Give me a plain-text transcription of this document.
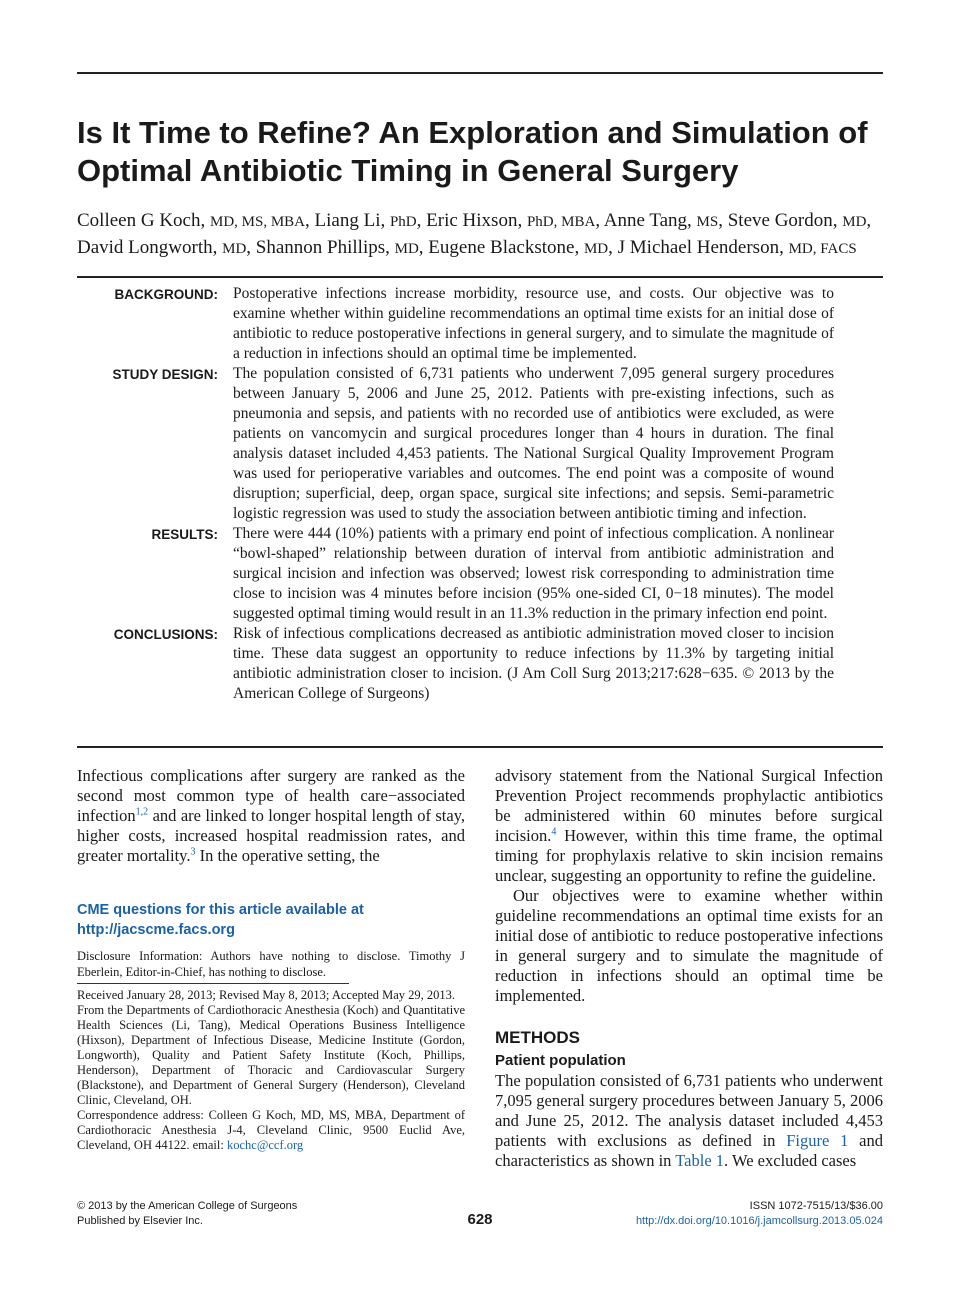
Is It Time to Refine? An Exploration and Simulation of Optimal Antibiotic Timing in General Surgery
Colleen G Koch, MD, MS, MBA, Liang Li, PhD, Eric Hixson, PhD, MBA, Anne Tang, MS, Steve Gordon, MD,
David Longworth, MD, Shannon Phillips, MD, Eugene Blackstone, MD, J Michael Henderson, MD, FACS
BACKGROUND: Postoperative infections increase morbidity, resource use, and costs. Our objective was to examine whether within guideline recommendations an optimal time exists for an initial dose of antibiotic to reduce postoperative infections in general surgery, and to simulate the magnitude of a reduction in infections should an optimal time be implemented.
STUDY DESIGN: The population consisted of 6,731 patients who underwent 7,095 general surgery procedures between January 5, 2006 and June 25, 2012. Patients with pre-existing infections, such as pneumonia and sepsis, and patients with no recorded use of antibiotics were excluded, as were patients on vancomycin and surgical procedures longer than 4 hours in duration. The final analysis dataset included 4,453 patients. The National Surgical Quality Improvement Program was used for perioperative variables and outcomes. The end point was a composite of wound disruption; superficial, deep, organ space, surgical site infections; and sepsis. Semi-parametric logistic regression was used to study the association between antibiotic timing and infection.
RESULTS: There were 444 (10%) patients with a primary end point of infectious complication. A nonlinear “bowl-shaped” relationship between duration of interval from antibiotic administration and surgical incision and infection was observed; lowest risk corresponding to administration time close to incision was 4 minutes before incision (95% one-sided CI, 0−18 minutes). The model suggested optimal timing would result in an 11.3% reduction in the primary infection end point.
CONCLUSIONS: Risk of infectious complications decreased as antibiotic administration moved closer to incision time. These data suggest an opportunity to reduce infections by 11.3% by targeting initial antibiotic administration closer to incision. (J Am Coll Surg 2013;217:628−635. © 2013 by the American College of Surgeons)

Infectious complications after surgery are ranked as the second most common type of health care−associated infection$^{1,2}$ and are linked to longer hospital length of stay, higher costs, increased hospital readmission rates, and greater mortality.$^3$ In the operative setting, the

CME questions for this article available at
http://jacscme.facs.org
Disclosure Information: Authors have nothing to disclose. Timothy J Eberlein, Editor-in-Chief, has nothing to disclose.

Received January 28, 2013; Revised May 8, 2013; Accepted May 29, 2013.

From the Departments of Cardiothoracic Anesthesia (Koch) and Quantitative Health Sciences (Li, Tang), Medical Operations Business Intelligence (Hixson), Department of Infectious Disease, Medicine Institute (Gordon, Longworth), Quality and Patient Safety Institute (Koch, Phillips, Henderson), Department of Thoracic and Cardiovascular Surgery (Blackstone), and Department of General Surgery (Henderson), Cleveland Clinic, Cleveland, OH.

Correspondence address: Colleen G Koch, MD, MS, MBA, Department of Cardiothoracic Anesthesia J-4, Cleveland Clinic, 9500 Euclid Ave, Cleveland, OH 44122. email: kochc@ccf.org

advisory statement from the National Surgical Infection Prevention Project recommends prophylactic antibiotics be administered within 60 minutes before surgical incision.$^4$ However, within this time frame, the optimal timing for prophylaxis relative to skin incision remains unclear, suggesting an opportunity to refine the guideline.

Our objectives were to examine whether within guideline recommendations an optimal time exists for an initial dose of antibiotic to reduce postoperative infections in general surgery and to simulate the magnitude of reduction in infections should an optimal time be implemented.

METHODS

Patient population

The population consisted of 6,731 patients who underwent 7,095 general surgery procedures between January 5, 2006 and June 25, 2012. The analysis dataset included 4,453 patients with exclusions as defined in Figure 1 and characteristics as shown in Table 1. We excluded cases

© 2013 by the American College of Surgeons
Published by Elsevier Inc.	628
ISSN 1072-7515/13/$36.00
http://dx.doi.org/10.1016/j.jamcollsurg.2013.05.024
